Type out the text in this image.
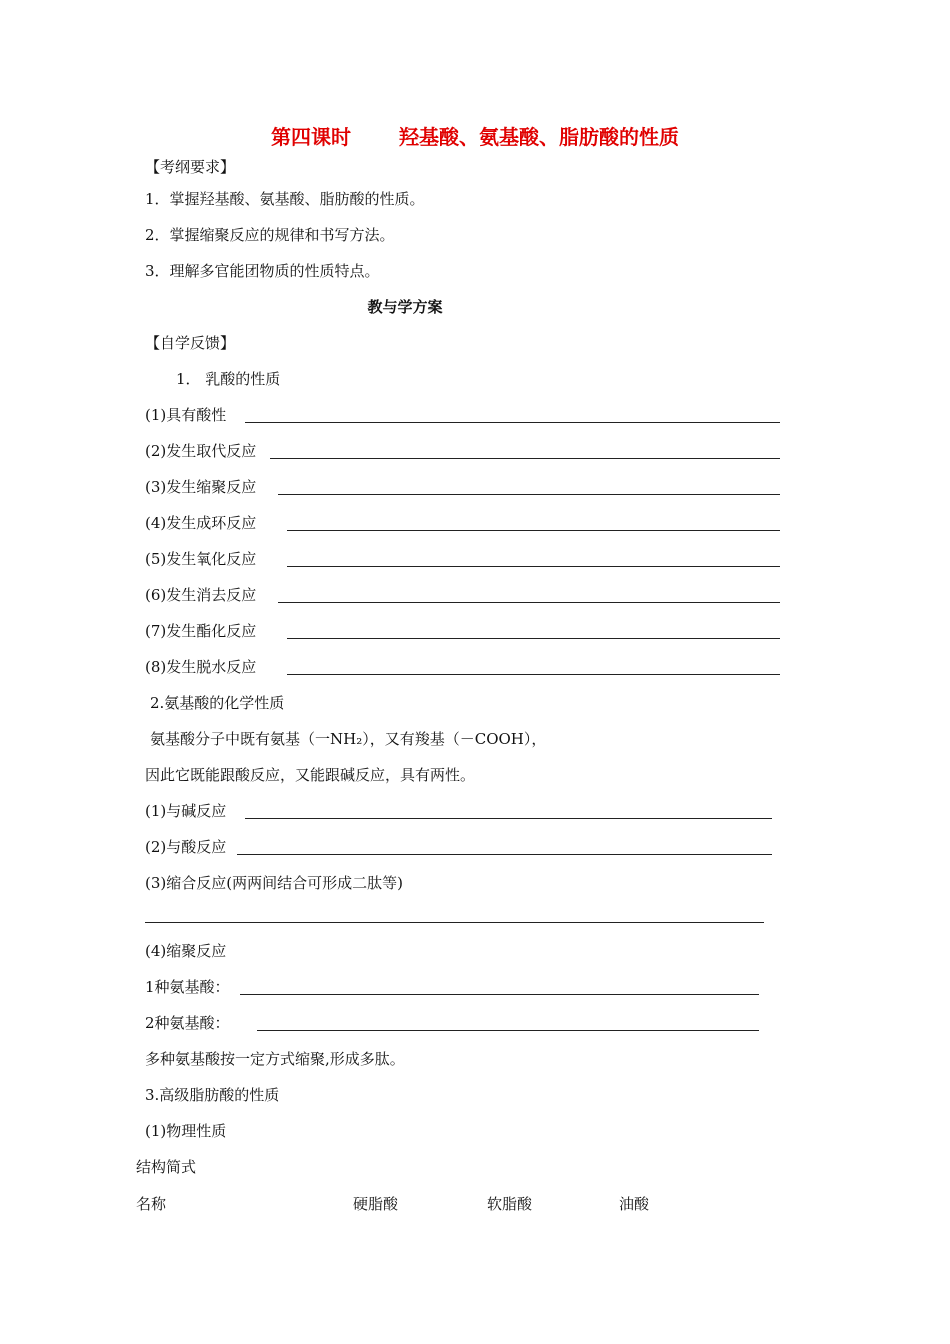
第四课时 羟基酸、氨基酸、脂肪酸的性质
【考纲要求】
1．掌握羟基酸、氨基酸、脂肪酸的性质。
2．掌握缩聚反应的规律和书写方法。
3．理解多官能团物质的性质特点。
教与学方案
【自学反馈】
1． 乳酸的性质
(1)具有酸性
(2)发生取代反应
(3)发生缩聚反应
(4)发生成环反应
(5)发生氧化反应
(6)发生消去反应
(7)发生酯化反应
(8)发生脱水反应
2.氨基酸的化学性质
氨基酸分子中既有氨基（一NH₂），又有羧基（－COOH），
因此它既能跟酸反应，又能跟碱反应，具有两性。
(1)与碱反应
(2)与酸反应
(3)缩合反应(两两间结合可形成二肽等)
(4)缩聚反应
1种氨基酸：
2种氨基酸：
多种氨基酸按一定方式缩聚,形成多肽。
3.高级脂肪酸的性质
(1)物理性质
结构简式
名称	硬脂酸	软脂酸	油酸
